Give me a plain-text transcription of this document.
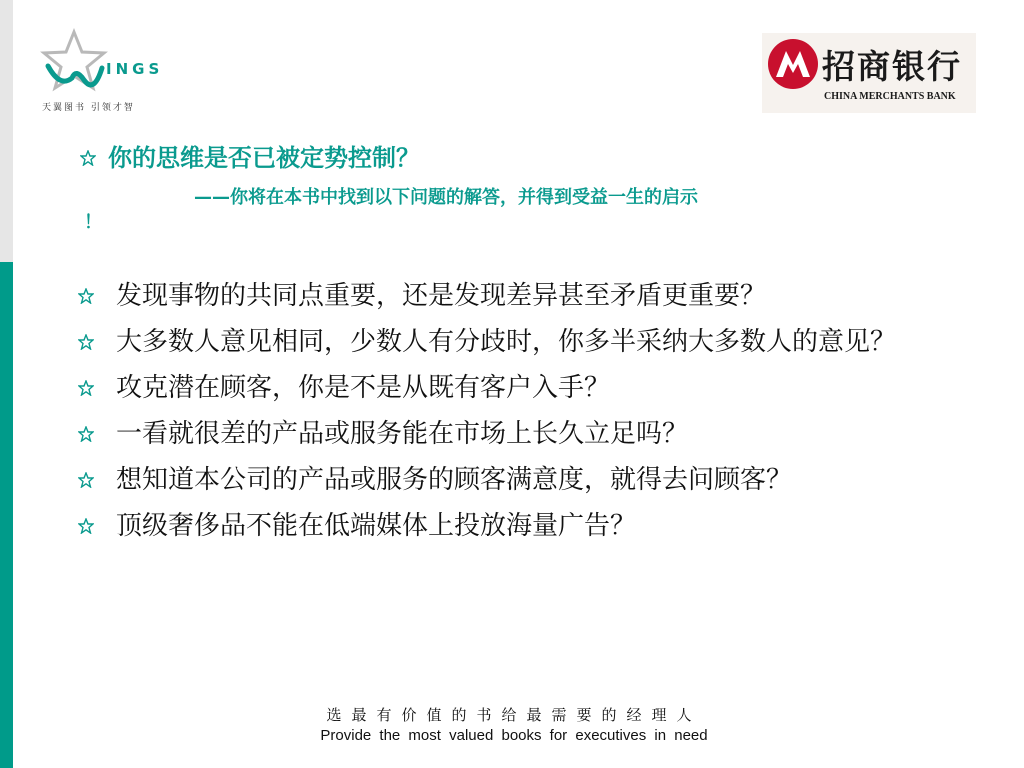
INGS
天翼图书 引领才智
招商银行
CHINA MERCHANTS BANK
你的思维是否已被定势控制？
——你将在本书中找到以下问题的解答，并得到受益一生的启示
！
发现事物的共同点重要，还是发现差异甚至矛盾更重要？
大多数人意见相同，少数人有分歧时，你多半采纳大多数人的意见？
攻克潜在顾客，你是不是从既有客户入手？
一看就很差的产品或服务能在市场上长久立足吗？
想知道本公司的产品或服务的顾客满意度，就得去问顾客？
顶级奢侈品不能在低端媒体上投放海量广告？
选最有价值的书给最需要的经理人
Provide the most valued books for executives in need
